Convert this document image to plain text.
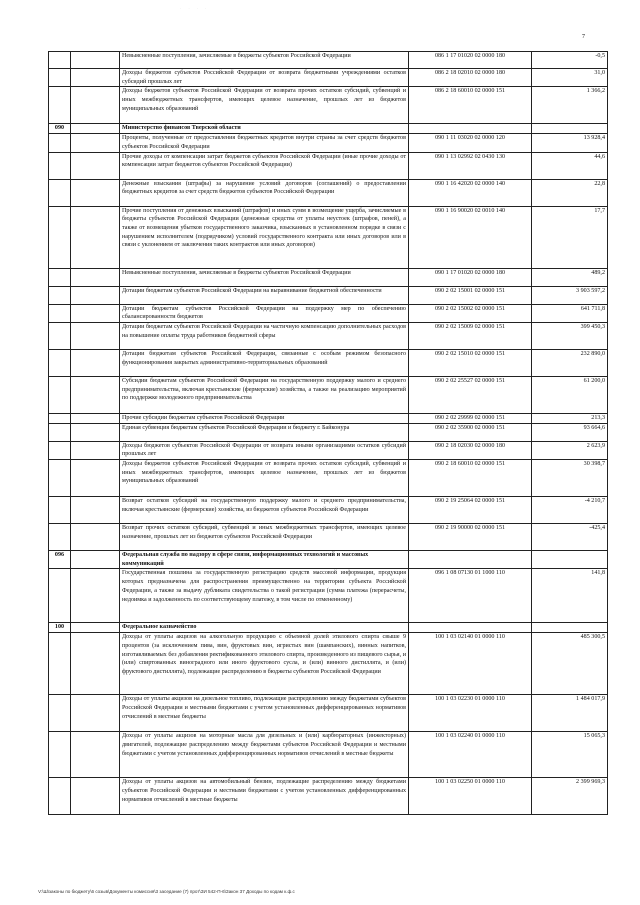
7
· · · ·
		Невыясненные поступления, зачисляемые в бюджеты субъектов Российской Федерации	086 1 17 01020 02 0000 180	-0,5
		Доходы бюджетов субъектов Российской Федерации от возврата бюджетными учреждениями остатков субсидий прошлых лет	086 2 18 02010 02 0000 180	31,0
		Доходы бюджетов субъектов Российской Федерации от возврата прочих остатков субсидий, субвенций и иных межбюджетных трансфертов, имеющих целевое назначение, прошлых лет из бюджетов муниципальных образований	086 2 18 60010 02 0000 151	1 366,2
090		Министерство финансов Тверской области		
		Проценты, полученные от предоставления бюджетных кредитов внутри страны за счет средств бюджетов субъектов Российской Федерации	090 1 11 03020 02 0000 120	13 928,4
		Прочие доходы от компенсации затрат бюджетов субъектов Российской Федерации (иные прочие доходы от компенсации затрат бюджетов субъектов Российской Федерации)	090 1 13 02992 02 0430 130	44,6
		Денежные взыскания (штрафы) за нарушение условий договоров (соглашений) о предоставлении бюджетных кредитов за счет средств бюджетов субъектов Российской Федерации	090 1 16 42020 02 0000 140	22,8
		Прочие поступления от денежных взысканий (штрафов) и иных сумм в возмещение ущерба, зачисляемые в бюджеты субъектов Российской Федерации (денежные средства от уплаты неустоек (штрафов, пеней), а также от возмещения убытков государственного заказчика, взысканных в установленном порядке в связи с нарушением исполнителем (подрядчиком) условий государственного контракта или иных договоров или в связи с уклонением от заключения таких контрактов или иных договоров)	090 1 16 90020 02 0010 140	17,7
		Невыясненные поступления, зачисляемые в бюджеты субъектов Российской Федерации	090 1 17 01020 02 0000 180	489,2
		Дотации бюджетам субъектов Российской Федерации на выравнивание бюджетной обеспеченности	090 2 02 15001 02 0000 151	3 903 597,2
		Дотации бюджетам субъектов Российской Федерации на поддержку мер по обеспечению сбалансированности бюджетов	090 2 02 15002 02 0000 151	641 711,8
		Дотации бюджетам субъектов Российской Федерации на частичную компенсацию дополнительных расходов на повышение оплаты труда работников бюджетной сферы	090 2 02 15009 02 0000 151	399 450,3
		Дотации бюджетам субъектов Российской Федерации, связанные с особым режимом безопасного функционирования закрытых административно-территориальных образований	090 2 02 15010 02 0000 151	232 890,0
		Субсидии бюджетам субъектов Российской Федерации на государственную поддержку малого и среднего предпринимательства, включая крестьянские (фермерские) хозяйства, а также на реализацию мероприятий по поддержке молодежного предпринимательства	090 2 02 25527 02 0000 151	61 200,0
		Прочие субсидии бюджетам субъектов Российской Федерации	090 2 02 29999 02 0000 151	213,3
		Единая субвенция бюджетам субъектов Российской Федерации и бюджету г. Байконура	090 2 02 35900 02 0000 151	93 664,6
		Доходы бюджетов субъектов Российской Федерации от возврата иными организациями остатков субсидий прошлых лет	090 2 18 02030 02 0000 180	2 623,9
		Доходы бюджетов субъектов Российской Федерации от возврата прочих остатков субсидий, субвенций и иных межбюджетных трансфертов, имеющих целевое назначение, прошлых лет из бюджетов муниципальных образований	090 2 18 60010 02 0000 151	30 398,7
		Возврат остатков субсидий на государственную поддержку малого и среднего предпринимательства, включая крестьянские (фермерские) хозяйства, из бюджетов субъектов Российской Федерации	090 2 19 25064 02 0000 151	-4 210,7
		Возврат прочих остатков субсидий, субвенций и иных межбюджетных трансфертов, имеющих целевое назначение, прошлых лет из бюджетов субъектов Российской Федерации	090 2 19 90000 02 0000 151	-425,4
096		Федеральная служба по надзору в сфере связи, информационных технологий и массовых коммуникаций		
		Государственная пошлина за государственную регистрацию средств массовой информации, продукция которых предназначена для распространения преимущественно на территории субъекта Российской Федерации, а также за выдачу дубликата свидетельства о такой регистрации (сумма платежа (перерасчеты, недоимка и задолженность по соответствующему платежу, в том числе по отмененному)	096 1 08 07130 01 1000 110	141,8
100		Федеральное казначейство		
		Доходы от уплаты акцизов на алкогольную продукцию с объемной долей этилового спирта свыше 9 процентов (за исключением пива, вин, фруктовых вин, игристых вин (шампанских), винных напитков, изготавливаемых без добавления ректификованного этилового спирта, произведенного из пищевого сырья, и (или) спиртованных виноградного или иного фруктового сусла, и (или) винного дистиллята, и (или) фруктового дистиллята), подлежащие распределению в бюджеты субъектов Российской Федерации	100 1 03 02140 01 0000 110	485 300,5
		Доходы от уплаты акцизов на дизельное топливо, подлежащие распределению между бюджетами субъектов Российской Федерации и местными бюджетами с учетом установленных дифференцированных нормативов отчислений в местные бюджеты	100 1 03 02230 01 0000 110	1 484 017,9
		Доходы от уплаты акцизов на моторные масла для дизельных и (или) карбюраторных (инжекторных) двигателей, подлежащие распределению между бюджетами субъектов Российской Федерации и местными бюджетами с учетом установленных дифференцированных нормативов отчислений в местные бюджеты	100 1 03 02240 01 0000 110	15 065,3
		Доходы от уплаты акцизов на автомобильный бензин, подлежащие распределению между бюджетами субъектов Российской Федерации и местными бюджетами с учетом установленных дифференцированных нормативов отчислений в местные бюджеты	100 1 03 02250 01 0000 110	2 399 969,3
V:\Ш\законы по бюджету\6 созыв\Документы комиссия\3 заседание (7) прот\ЗИ 542-П-6\Закон 37 Доходы по кодам к.ф.с
